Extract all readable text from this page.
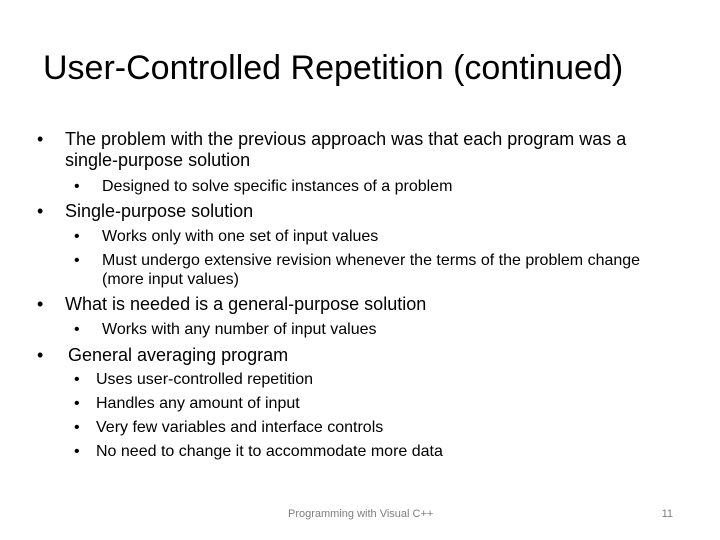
User-Controlled Repetition (continued)
• The problem with the previous approach was that each program was a single-purpose solution
• Designed to solve specific instances of a problem
• Single-purpose solution
• Works only with one set of input values
• Must undergo extensive revision whenever the terms of the problem change (more input values)
• What is needed is a general-purpose solution
• Works with any number of input values
• General averaging program
• Uses user-controlled repetition
• Handles any amount of input
• Very few variables and interface controls
• No need to change it to accommodate more data
Programming with Visual C++	11
